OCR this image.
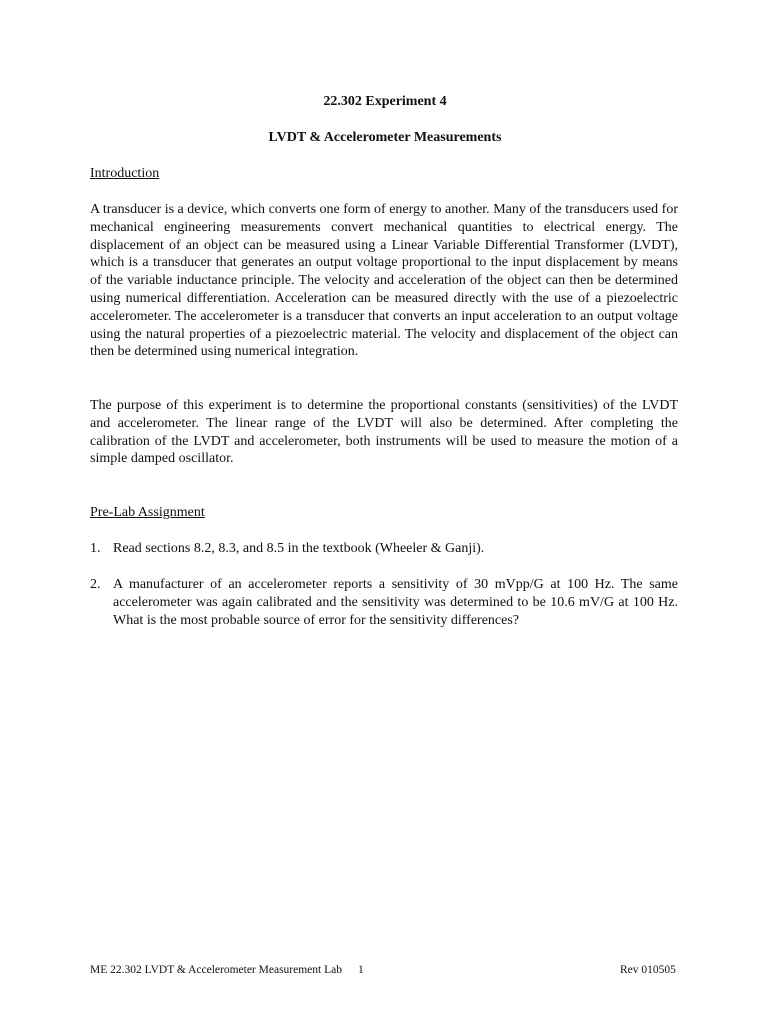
22.302 Experiment 4
LVDT & Accelerometer Measurements
Introduction
A transducer is a device, which converts one form of energy to another. Many of the transducers used for mechanical engineering measurements convert mechanical quantities to electrical energy. The displacement of an object can be measured using a Linear Variable Differential Transformer (LVDT), which is a transducer that generates an output voltage proportional to the input displacement by means of the variable inductance principle. The velocity and acceleration of the object can then be determined using numerical differentiation. Acceleration can be measured directly with the use of a piezoelectric accelerometer. The accelerometer is a transducer that converts an input acceleration to an output voltage using the natural properties of a piezoelectric material. The velocity and displacement of the object can then be determined using numerical integration.
The purpose of this experiment is to determine the proportional constants (sensitivities) of the LVDT and accelerometer. The linear range of the LVDT will also be determined. After completing the calibration of the LVDT and accelerometer, both instruments will be used to measure the motion of a simple damped oscillator.
Pre-Lab Assignment
1. Read sections 8.2, 8.3, and 8.5 in the textbook (Wheeler & Ganji).
2. A manufacturer of an accelerometer reports a sensitivity of 30 mVpp/G at 100 Hz. The same accelerometer was again calibrated and the sensitivity was determined to be 10.6 mV/G at 100 Hz. What is the most probable source of error for the sensitivity differences?
ME 22.302 LVDT & Accelerometer Measurement Lab 1	Rev 010505
